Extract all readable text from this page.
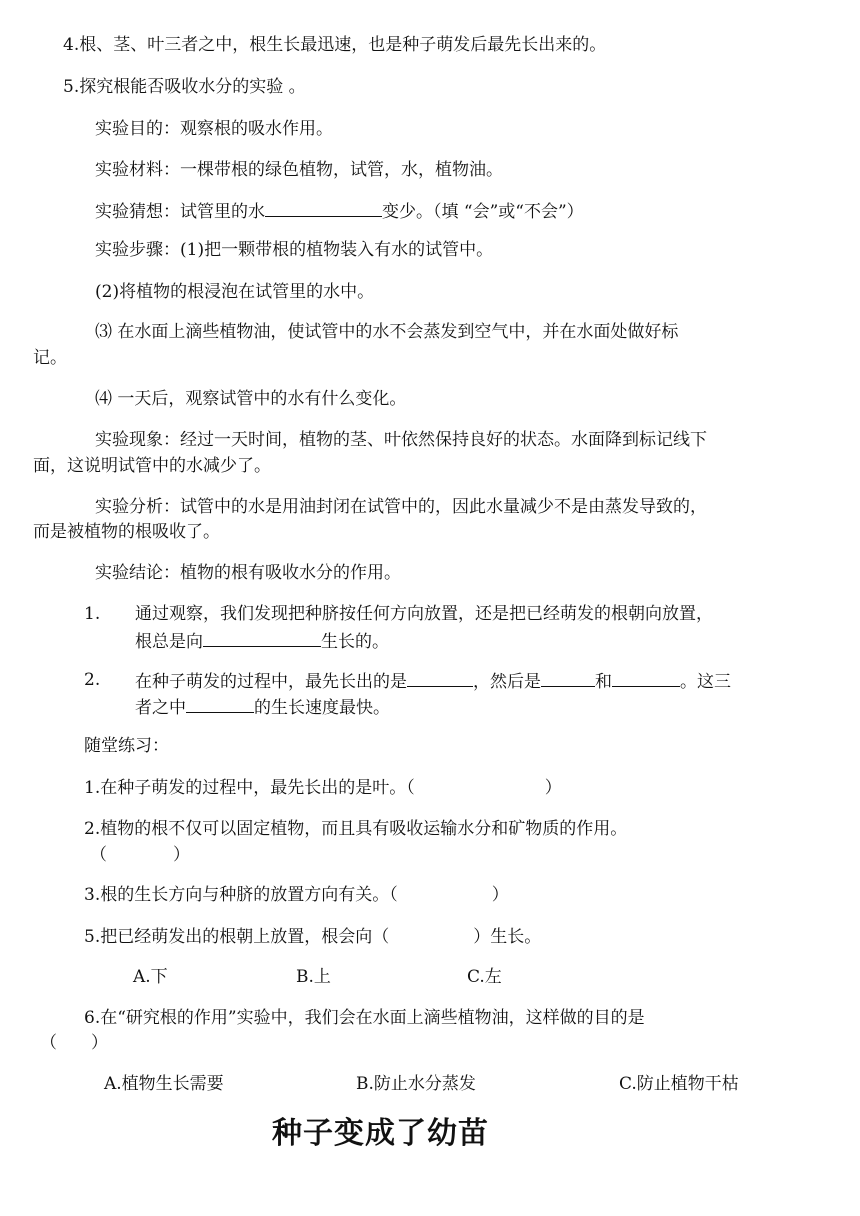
4.根、茎、叶三者之中，根生长最迅速，也是种子萌发后最先长出来的。
5.探究根能否吸收水分的实验 。
实验目的：观察根的吸水作用。
实验材料：一棵带根的绿色植物，试管，水，植物油。
实验猜想：试管里的水	变少。（填 “会”或“不会”）
实验步骤：(1)把一颗带根的植物装入有水的试管中。
(2)将植物的根浸泡在试管里的水中。
⑶ 在水面上滴些植物油，使试管中的水不会蒸发到空气中，并在水面处做好标
记。
⑷ 一天后，观察试管中的水有什么变化。
实验现象：经过一天时间，植物的茎、叶依然保持良好的状态。水面降到标记线下
面，这说明试管中的水减少了。
实验分析：试管中的水是用油封闭在试管中的，因此水量减少不是由蒸发导致的，
而是被植物的根吸收了。
实验结论：植物的根有吸收水分的作用。
1. 通过观察，我们发现把种脐按任何方向放置，还是把已经萌发的根朝向放置，
根总是向	生长的。
2. 在种子萌发的过程中，最先长出的是	，然后是	和	。这三
者之中	的生长速度最快。
随堂练习：
1.在种子萌发的过程中，最先长出的是叶。（	）
2.植物的根不仅可以固定植物，而且具有吸收运输水分和矿物质的作用。
（	）
3.根的生长方向与种脐的放置方向有关。（	）
5.把已经萌发出的根朝上放置，根会向（	）生长。
A.下	B.上	C.左
6.在“研究根的作用”实验中，我们会在水面上滴些植物油，这样做的目的是
（　　）
A.植物生长需要	B.防止水分蒸发	C.防止植物干枯
种子变成了幼苗
